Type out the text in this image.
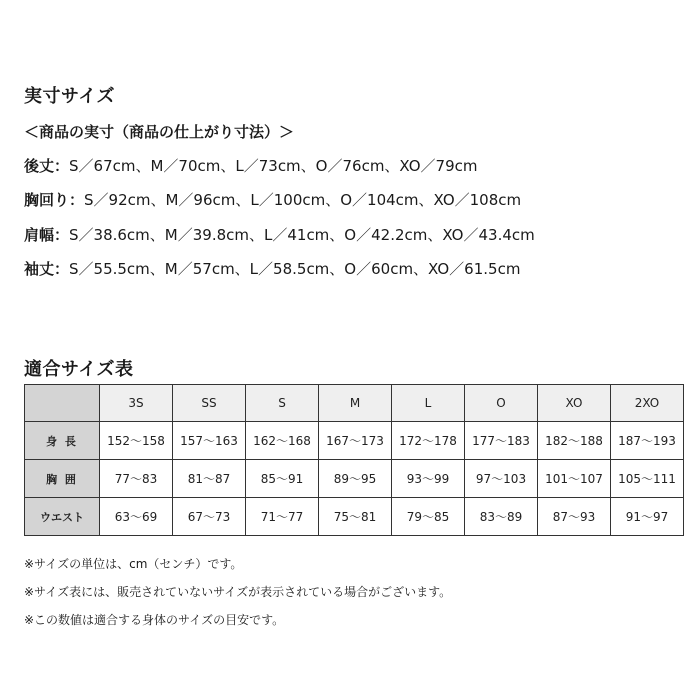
実寸サイズ
＜商品の実寸（商品の仕上がり寸法）＞
後丈：S／67cm、M／70cm、L／73cm、O／76cm、XO／79cm
胸回り：S／92cm、M／96cm、L／100cm、O／104cm、XO／108cm
肩幅：S／38.6cm、M／39.8cm、L／41cm、O／42.2cm、XO／43.4cm
袖丈：S／55.5cm、M／57cm、L／58.5cm、O／60cm、XO／61.5cm
適合サイズ表
	3S	SS	S	M	L	O	XO	2XO
身 長	152〜158	157〜163	162〜168	167〜173	172〜178	177〜183	182〜188	187〜193
胸 囲	77〜83	81〜87	85〜91	89〜95	93〜99	97〜103	101〜107	105〜111
ウエスト	63〜69	67〜73	71〜77	75〜81	79〜85	83〜89	87〜93	91〜97
※サイズの単位は、cm（センチ）です。
※サイズ表には、販売されていないサイズが表示されている場合がございます。
※この数値は適合する身体のサイズの目安です。
